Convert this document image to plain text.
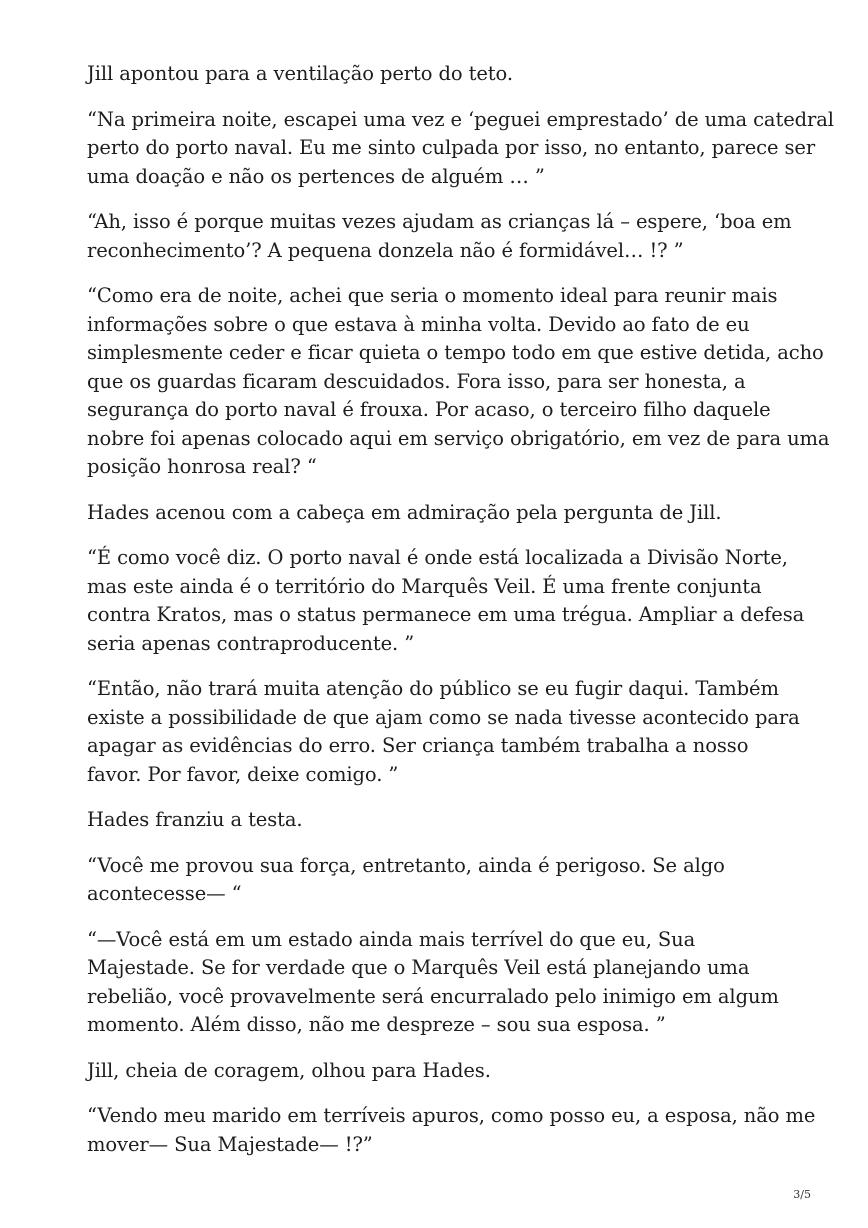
Jill apontou para a ventilação perto do teto.

“Na primeira noite, escapei uma vez e ‘peguei emprestado’ de uma catedral
perto do porto naval. Eu me sinto culpada por isso, no entanto, parece ser
uma doação e não os pertences de alguém … ”

“Ah, isso é porque muitas vezes ajudam as crianças lá – espere, ‘boa em
reconhecimento’? A pequena donzela não é formidável… !? ”

“Como era de noite, achei que seria o momento ideal para reunir mais
informações sobre o que estava à minha volta. Devido ao fato de eu
simplesmente ceder e ficar quieta o tempo todo em que estive detida, acho
que os guardas ficaram descuidados. Fora isso, para ser honesta, a
segurança do porto naval é frouxa. Por acaso, o terceiro filho daquele
nobre foi apenas colocado aqui em serviço obrigatório, em vez de para uma
posição honrosa real? “

Hades acenou com a cabeça em admiração pela pergunta de Jill.

“É como você diz. O porto naval é onde está localizada a Divisão Norte,
mas este ainda é o território do Marquês Veil. É uma frente conjunta
contra Kratos, mas o status permanece em uma trégua. Ampliar a defesa
seria apenas contraproducente. ”

“Então, não trará muita atenção do público se eu fugir daqui. Também
existe a possibilidade de que ajam como se nada tivesse acontecido para
apagar as evidências do erro. Ser criança também trabalha a nosso
favor. Por favor, deixe comigo. ”

Hades franziu a testa.

“Você me provou sua força, entretanto, ainda é perigoso. Se algo
acontecesse— “

“—Você está em um estado ainda mais terrível do que eu, Sua
Majestade. Se for verdade que o Marquês Veil está planejando uma
rebelião, você provavelmente será encurralado pelo inimigo em algum
momento. Além disso, não me despreze – sou sua esposa. ”

Jill, cheia de coragem, olhou para Hades.

“Vendo meu marido em terríveis apuros, como posso eu, a esposa, não me
mover— Sua Majestade— !?”

3/5
